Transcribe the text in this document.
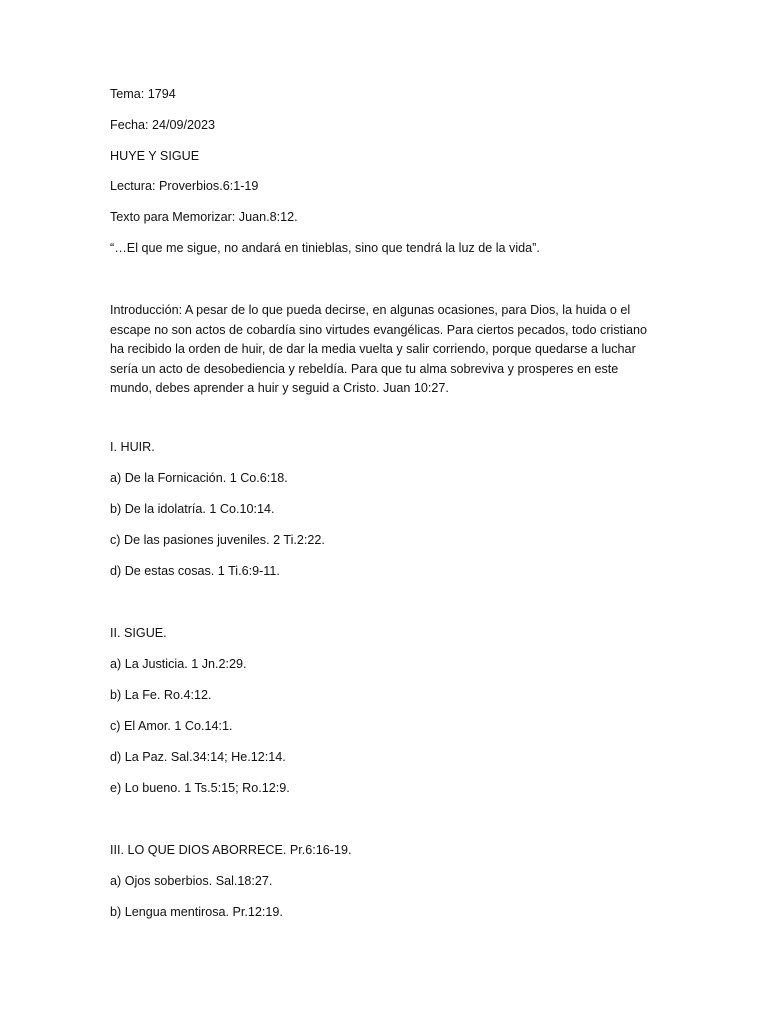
Tema: 1794

Fecha: 24/09/2023

HUYE Y SIGUE

Lectura: Proverbios.6:1-19

Texto para Memorizar: Juan.8:12.

“…El que me sigue, no andará en tinieblas, sino que tendrá la luz de la vida”.

Introducción: A pesar de lo que pueda decirse, en algunas ocasiones, para Dios, la huida o el
escape no son actos de cobardía sino virtudes evangélicas. Para ciertos pecados, todo cristiano
ha recibido la orden de huir, de dar la media vuelta y salir corriendo, porque quedarse a luchar
sería un acto de desobediencia y rebeldía. Para que tu alma sobreviva y prosperes en este
mundo, debes aprender a huir y seguid a Cristo. Juan 10:27.

I. HUIR.

a) De la Fornicación. 1 Co.6:18.

b) De la idolatría. 1 Co.10:14.

c) De las pasiones juveniles. 2 Ti.2:22.

d) De estas cosas. 1 Ti.6:9-11.

II. SIGUE.

a) La Justicia. 1 Jn.2:29.

b) La Fe. Ro.4:12.

c) El Amor. 1 Co.14:1.

d) La Paz. Sal.34:14; He.12:14.

e) Lo bueno. 1 Ts.5:15; Ro.12:9.

III. LO QUE DIOS ABORRECE. Pr.6:16-19.

a) Ojos soberbios. Sal.18:27.

b) Lengua mentirosa. Pr.12:19.
